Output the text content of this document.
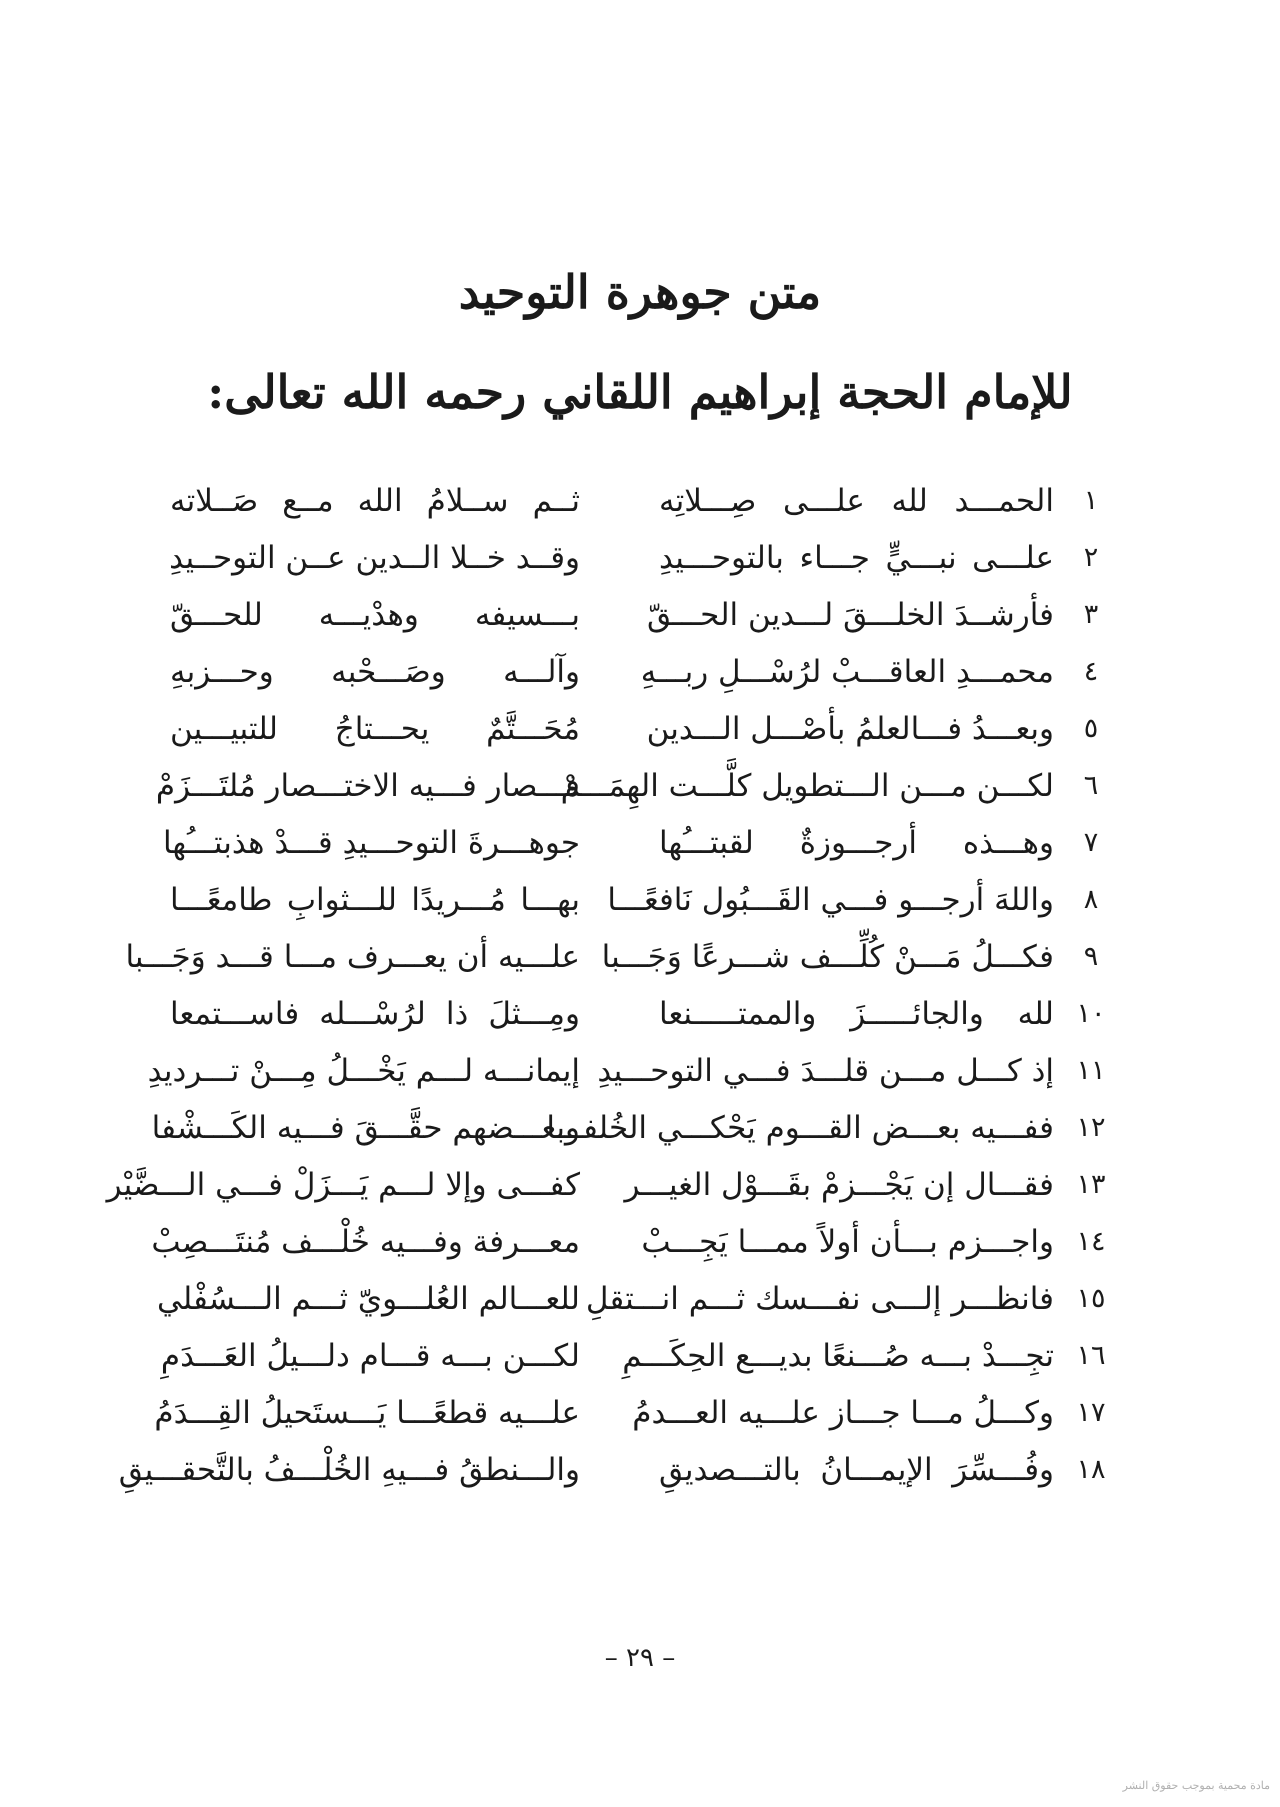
متن جوهرة التوحيد
للإمام الحجة إبراهيم اللقاني رحمه الله تعالى:
١
الحمـــد لله علـــى صِـــلاتِه
ثــم ســلامُ الله مــع صَــلاته
٢
علـــى نبـــيٍّ جـــاء بالتوحـــيدِ
وقــد خــلا الــدين عــن التوحــيدِ
٣
فأرشــدَ الخلـــقَ لـــدين الحـــقّ
بـــسيفه وهدْيـــه للحـــقّ
٤
محمـــدِ العاقـــبْ لرُسْـــلِ ربـــهِ
وآلـــه وصَـــحْبه وحـــزبهِ
٥
وبعـــدُ فـــالعلمُ بأصْـــل الـــدين
مُحَـــتَّمٌ يحـــتاجُ للتبيـــين
٦
لكـــن مـــن الـــتطويل كلَّـــت الهِمَـــمْ
فـــصار فـــيه الاختـــصار مُلتَـــزَمْ
٧
وهـــذه أرجـــوزةٌ لقبتـــُها
جوهـــرةَ التوحـــيدِ قـــدْ هذبتـــُها
٨
واللهَ أرجـــو فـــي القَـــبُول نَافعًـــا
بهـــا مُـــريدًا للـــثوابِ طامعًـــا
٩
فكـــلُ مَـــنْ كُلِّـــف شـــرعًا وَجَـــبا
علـــيه أن يعـــرف مـــا قـــد وَجَـــبا
١٠
لله والجائـــــزَ والممتـــــنعا
ومِـــثلَ ذا لرُسْـــله فاســـتمعا
١١
إذ كـــل مـــن قلـــدَ فـــي التوحـــيدِ
إيمانـــه لـــم يَخْـــلُ مِـــنْ تـــرديدِ
١٢
ففـــيه بعـــض القـــوم يَحْكـــي الخُلفـــا
وبعـــضهم حقَّـــقَ فـــيه الكَـــشْفا
١٣
فقـــال إن يَجْـــزمْ بقَـــوْل الغيـــر
كفـــى وإلا لـــم يَـــزَلْ فـــي الـــضَّيْر
١٤
واجـــزم بـــأن أولاً ممـــا يَجِـــبْ
معـــرفة وفـــيه خُلْـــف مُنتَـــصِبْ
١٥
فانظـــر إلـــى نفـــسك ثـــم انـــتقلِ
للعـــالم العُلـــويّ ثـــم الـــسُفْلي
١٦
تجِـــدْ بـــه صُـــنعًا بديـــع الحِكَـــمِ
لكـــن بـــه قـــام دلـــيلُ العَـــدَمِ
١٧
وكـــلُ مـــا جـــاز علـــيه العـــدمُ
علـــيه قطعًـــا يَـــستَحيلُ القِـــدَمُ
١٨
وفُـــسِّرَ الإيمـــانُ بالتـــصديقِ
والـــنطقُ فـــيهِ الخُلْـــفُ بالتَّحقـــيقِ
– ٢٩ –
مادة محمية بموجب حقوق النشر
